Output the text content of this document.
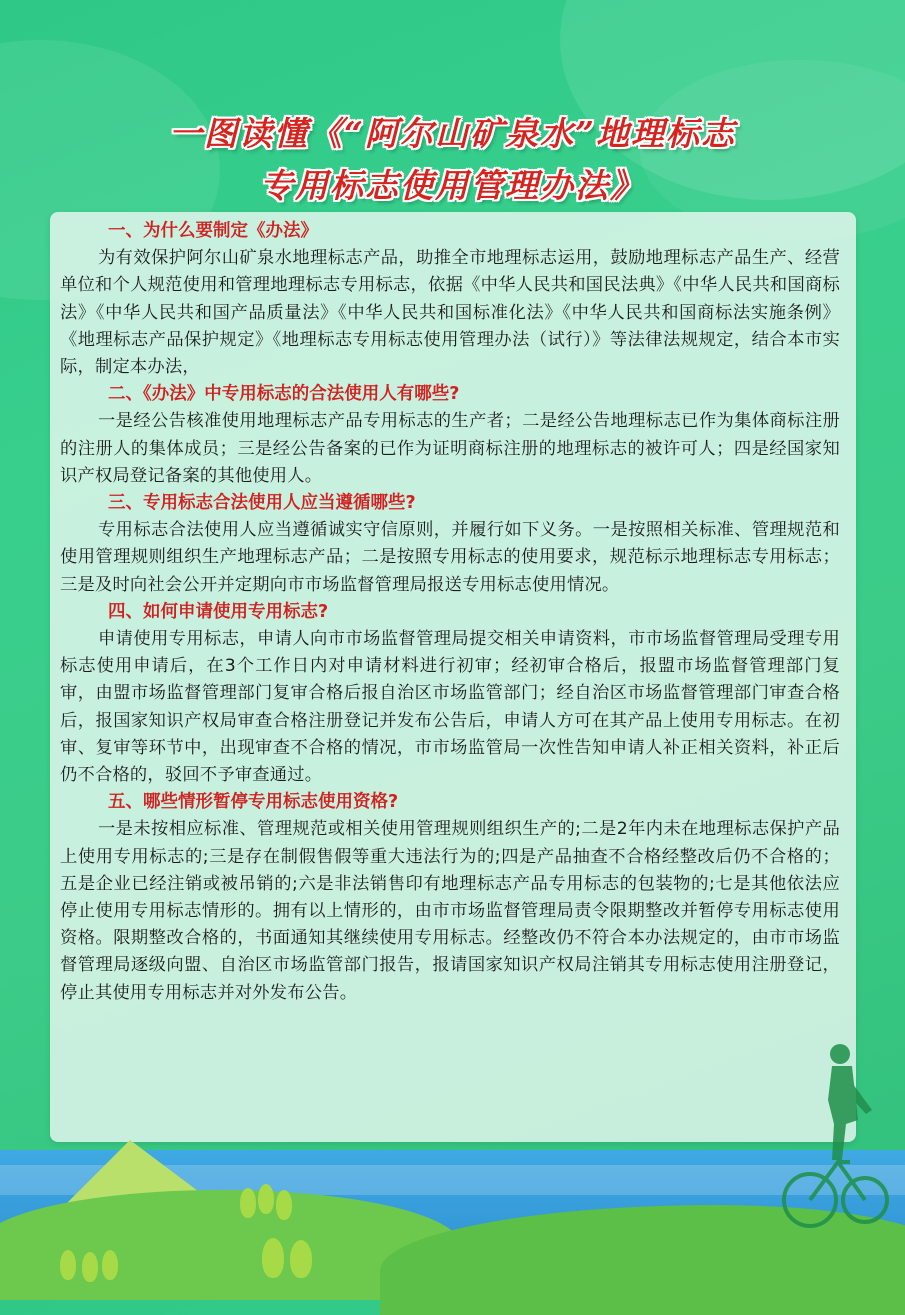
一图读懂《“阿尔山矿泉水”地理标志
专用标志使用管理办法》

一、为什么要制定《办法》

为有效保护阿尔山矿泉水地理标志产品，助推全市地理标志运用，鼓励地理标志产品生产、经营单位和个人规范使用和管理地理标志专用标志，依据《中华人民共和国民法典》《中华人民共和国商标法》《中华人民共和国产品质量法》《中华人民共和国标准化法》《中华人民共和国商标法实施条例》《地理标志产品保护规定》《地理标志专用标志使用管理办法（试行）》等法律法规规定，结合本市实际，制定本办法，

二、《办法》中专用标志的合法使用人有哪些?

一是经公告核准使用地理标志产品专用标志的生产者；二是经公告地理标志已作为集体商标注册的注册人的集体成员；三是经公告备案的已作为证明商标注册的地理标志的被许可人；四是经国家知识产权局登记备案的其他使用人。

三、专用标志合法使用人应当遵循哪些?

专用标志合法使用人应当遵循诚实守信原则，并履行如下义务。一是按照相关标准、管理规范和使用管理规则组织生产地理标志产品；二是按照专用标志的使用要求，规范标示地理标志专用标志；三是及时向社会公开并定期向市市场监督管理局报送专用标志使用情况。

四、如何申请使用专用标志?

申请使用专用标志，申请人向市市场监督管理局提交相关申请资料，市市场监督管理局受理专用标志使用申请后，在3个工作日内对申请材料进行初审；经初审合格后，报盟市场监督管理部门复审，由盟市场监督管理部门复审合格后报自治区市场监管部门；经自治区市场监督管理部门审查合格后，报国家知识产权局审查合格注册登记并发布公告后，申请人方可在其产品上使用专用标志。在初审、复审等环节中，出现审查不合格的情况，市市场监管局一次性告知申请人补正相关资料，补正后仍不合格的，驳回不予审查通过。

五、哪些情形暂停专用标志使用资格?

一是未按相应标准、管理规范或相关使用管理规则组织生产的;二是2年内未在地理标志保护产品上使用专用标志的;三是存在制假售假等重大违法行为的;四是产品抽查不合格经整改后仍不合格的；五是企业已经注销或被吊销的;六是非法销售印有地理标志产品专用标志的包装物的;七是其他依法应停止使用专用标志情形的。拥有以上情形的，由市市场监督管理局责令限期整改并暂停专用标志使用资格。限期整改合格的，书面通知其继续使用专用标志。经整改仍不符合本办法规定的，由市市场监督管理局逐级向盟、自治区市场监管部门报告，报请国家知识产权局注销其专用标志使用注册登记，停止其使用专用标志并对外发布公告。
